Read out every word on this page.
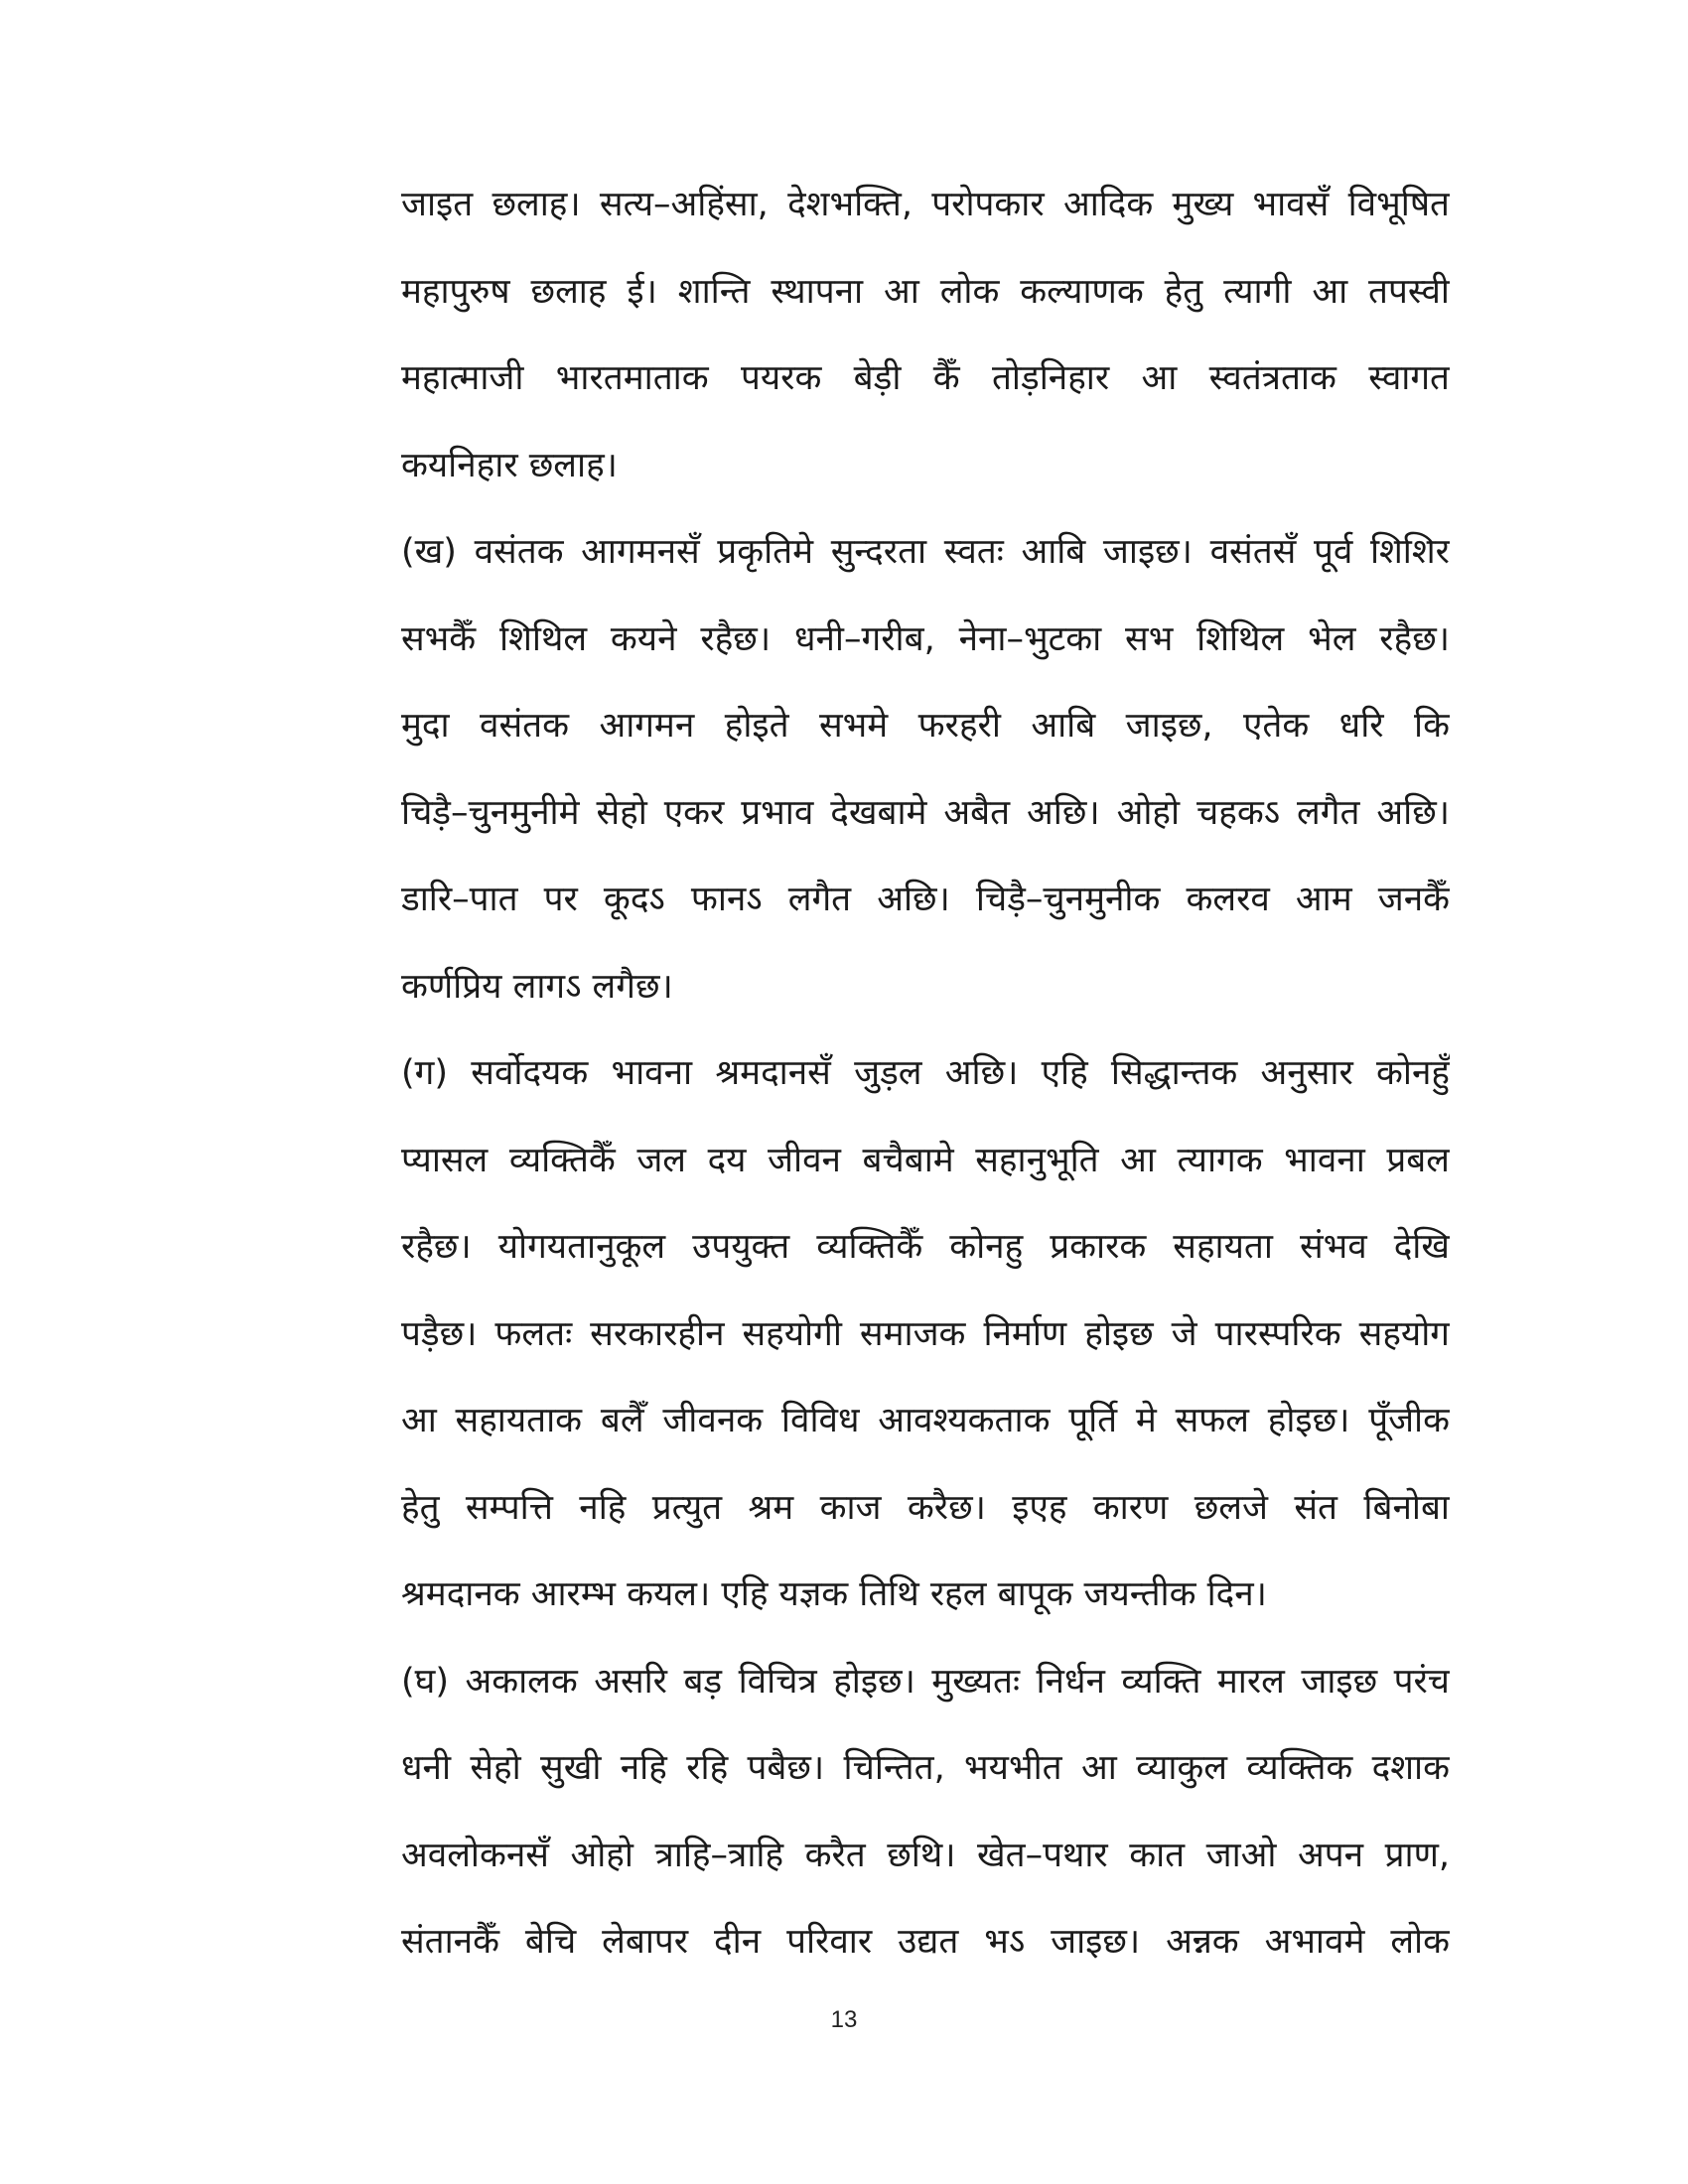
जाइत छलाह। सत्य–अहिंसा, देशभक्ति, परोपकार आदिक मुख्य भावसँ विभूषित
महापुरुष छलाह ई। शान्ति स्थापना आ लोक कल्याणक हेतु त्यागी आ तपस्वी
महात्माजी भारतमाताक पयरक बेड़ी कैँ तोड़निहार आ स्वतंत्रताक स्वागत
कयनिहार छलाह।
(ख) वसंतक आगमनसँ प्रकृतिमे सुन्दरता स्वतः आबि जाइछ। वसंतसँ पूर्व शिशिर
सभकैँ शिथिल कयने रहैछ। धनी–गरीब, नेना–भुटका सभ शिथिल भेल रहैछ।
मुदा वसंतक आगमन होइते सभमे फरहरी आबि जाइछ, एतेक धरि कि
चिड़ै–चुनमुनीमे सेहो एकर प्रभाव देखबामे अबैत अछि। ओहो चहकऽ लगैत अछि।
डारि–पात पर कूदऽ फानऽ लगैत अछि। चिड़ै–चुनमुनीक कलरव आम जनकैँ
कर्णप्रिय लागऽ लगैछ।
(ग) सर्वोदयक भावना श्रमदानसँ जुड़ल अछि। एहि सिद्धान्तक अनुसार कोनहुँ
प्यासल व्यक्तिकैँ जल दय जीवन बचैबामे सहानुभूति आ त्यागक भावना प्रबल
रहैछ। योगयतानुकूल उपयुक्त व्यक्तिकैँ कोनहु प्रकारक सहायता संभव देखि
पड़ैछ। फलतः सरकारहीन सहयोगी समाजक निर्माण होइछ जे पारस्परिक सहयोग
आ सहायताक बलैँ जीवनक विविध आवश्यकताक पूर्ति मे सफल होइछ। पूँजीक
हेतु सम्पत्ति नहि प्रत्युत श्रम काज करैछ। इएह कारण छलजे संत बिनोबा
श्रमदानक आरम्भ कयल। एहि यज्ञक तिथि रहल बापूक जयन्तीक दिन।
(घ) अकालक असरि बड़ विचित्र होइछ। मुख्यतः निर्धन व्यक्ति मारल जाइछ परंच
धनी सेहो सुखी नहि रहि पबैछ। चिन्तित, भयभीत आ व्याकुल व्यक्तिक दशाक
अवलोकनसँ ओहो त्राहि–त्राहि करैत छथि। खेत–पथार कात जाओ अपन प्राण,
संतानकैँ बेचि लेबापर दीन परिवार उद्यत भऽ जाइछ। अन्नक अभावमे लोक
13
